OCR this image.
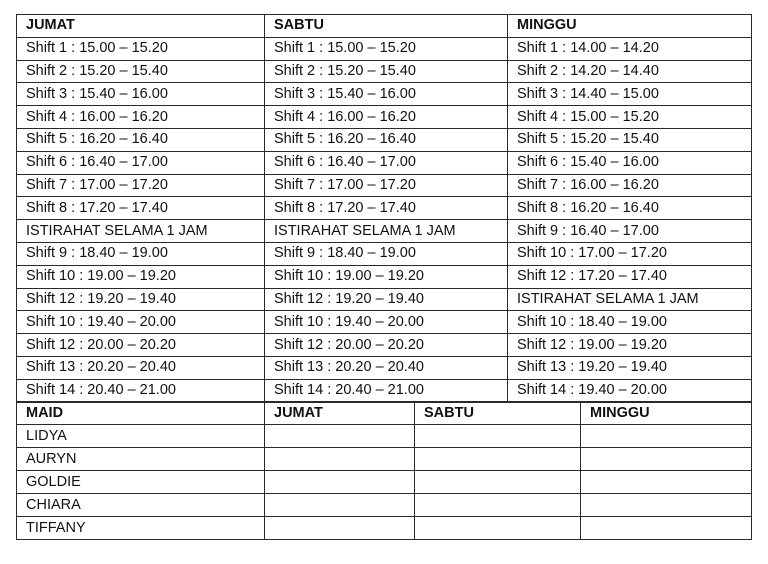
JUMAT	SABTU	MINGGU
Shift 1 : 15.00 – 15.20	Shift 1 : 15.00 – 15.20	Shift 1 : 14.00 – 14.20
Shift 2 : 15.20 – 15.40	Shift 2 : 15.20 – 15.40	Shift 2 : 14.20 – 14.40
Shift 3 : 15.40 – 16.00	Shift 3 : 15.40 – 16.00	Shift 3 : 14.40 – 15.00
Shift 4 : 16.00 – 16.20	Shift 4 : 16.00 – 16.20	Shift 4 : 15.00 – 15.20
Shift 5 : 16.20 – 16.40	Shift 5 : 16.20 – 16.40	Shift 5 : 15.20 – 15.40
Shift 6 : 16.40 – 17.00	Shift 6 : 16.40 – 17.00	Shift 6 : 15.40 – 16.00
Shift 7 : 17.00 – 17.20	Shift 7 : 17.00 – 17.20	Shift 7 : 16.00 – 16.20
Shift 8 : 17.20 – 17.40	Shift 8 : 17.20 – 17.40	Shift 8 : 16.20 – 16.40
ISTIRAHAT SELAMA 1 JAM	ISTIRAHAT SELAMA 1 JAM	Shift 9 : 16.40 – 17.00
Shift 9 : 18.40 – 19.00	Shift 9 : 18.40 – 19.00	Shift 10 : 17.00 – 17.20
Shift 10 : 19.00 – 19.20	Shift 10 : 19.00 – 19.20	Shift 12 : 17.20 – 17.40
Shift 12 : 19.20 – 19.40	Shift 12 : 19.20 – 19.40	ISTIRAHAT SELAMA 1 JAM
Shift 10 : 19.40 – 20.00	Shift 10 : 19.40 – 20.00	Shift 10 : 18.40 – 19.00
Shift 12 : 20.00 – 20.20	Shift 12 : 20.00 – 20.20	Shift 12 : 19.00 – 19.20
Shift 13 : 20.20 – 20.40	Shift 13 : 20.20 – 20.40	Shift 13 : 19.20 – 19.40
Shift 14 : 20.40 – 21.00	Shift 14 : 20.40 – 21.00	Shift 14 : 19.40 – 20.00
MAID	JUMAT	SABTU	MINGGU
LIDYA			
AURYN			
GOLDIE			
CHIARA			
TIFFANY			
